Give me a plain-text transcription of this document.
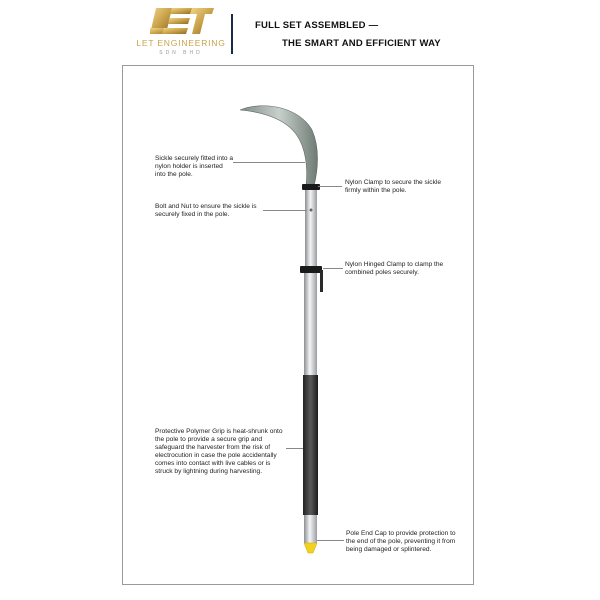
LET ENGINEERING
SDN BHD
FULL SET ASSEMBLED —
THE SMART AND EFFICIENT WAY
Sickle securely fitted into a nylon holder is inserted into the pole.
Nylon Clamp to secure the sickle firmly within the pole.
Bolt and Nut to ensure the sickle is securely fixed in the pole.
Nylon Hinged Clamp to clamp the combined poles securely.
Protective Polymer Grip is heat-shrunk onto the pole to provide a secure grip and safeguard the harvester from the risk of electrocution in case the pole accidentally comes into contact with live cables or is struck by lightning during harvesting.
Pole End Cap to provide protection to the end of the pole, preventing it from being damaged or splintered.
